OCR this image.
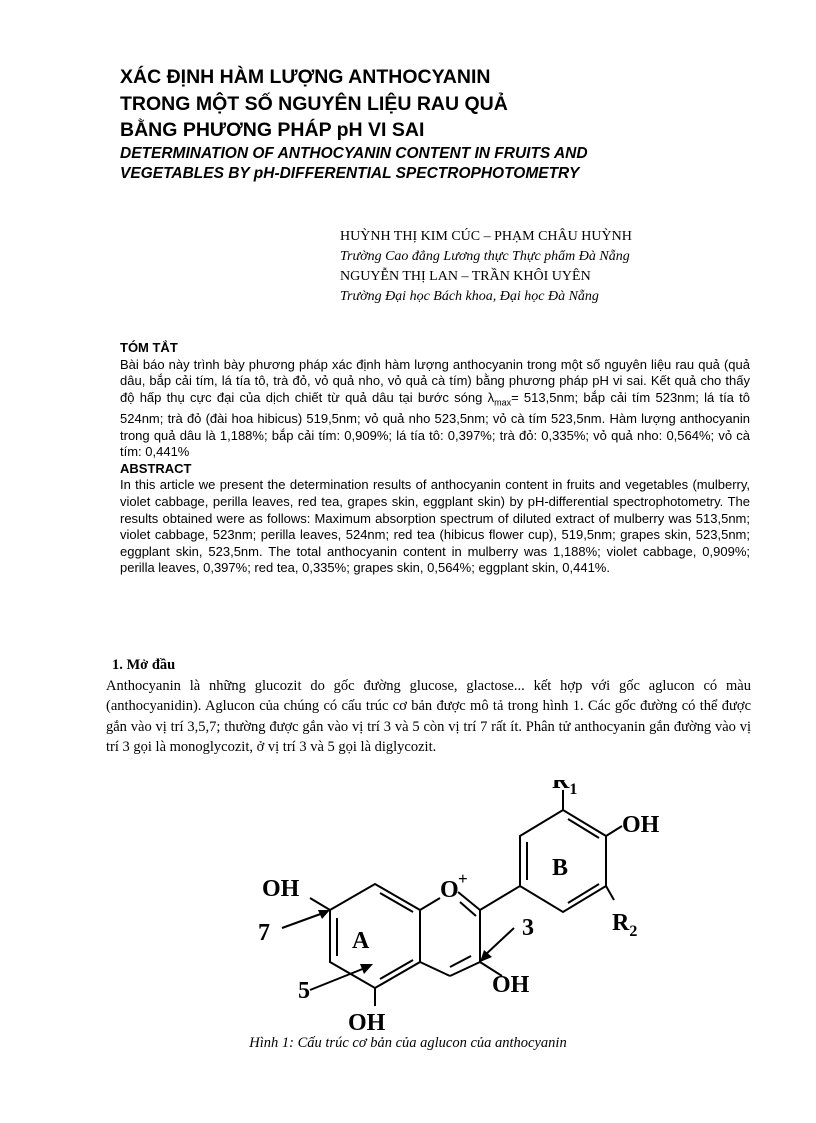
XÁC ĐỊNH HÀM LƯỢNG ANTHOCYANIN

TRONG MỘT SỐ NGUYÊN LIỆU RAU QUẢ

BẰNG PHƯƠNG PHÁP pH VI SAI

DETERMINATION OF ANTHOCYANIN CONTENT IN FRUITS AND

VEGETABLES BY pH-DIFFERENTIAL SPECTROPHOTOMETRY

HUỲNH THỊ KIM CÚC – PHẠM CHÂU HUỲNH
Trường Cao đẳng Lương thực Thực phẩm Đà Nẵng
NGUYỄN THỊ LAN – TRẦN KHÔI UYÊN
Trường Đại học Bách khoa, Đại học Đà Nẵng

TÓM TẮT

Bài báo này trình bày phương pháp xác định hàm lượng anthocyanin trong một số nguyên liệu rau quả (quả dâu, bắp cải tím, lá tía tô, trà đỏ, vỏ quả nho, vỏ quả cà tím) bằng phương pháp pH vi sai. Kết quả cho thấy độ hấp thụ cực đại của dịch chiết từ quả dâu tại bước sóng $\lambda_{max}= 513,5nm$; bắp cải tím 523nm; lá tía tô 524nm; trà đỏ (đài hoa hibicus) 519,5nm; vỏ quả nho 523,5nm; vỏ cà tím 523,5nm. Hàm lượng anthocyanin trong quả dâu là 1,188%; bắp cải tím: 0,909%; lá tía tô: 0,397%; trà đỏ: 0,335%; vỏ quả nho: 0,564%; vỏ cà tím: 0,441%

ABSTRACT

In this article we present the determination results of anthocyanin content in fruits and vegetables (mulberry, violet cabbage, perilla leaves, red tea, grapes skin, eggplant skin) by pH-differential spectrophotometry. The results obtained were as follows: Maximum absorption spectrum of diluted extract of mulberry was 513,5nm; violet cabbage, 523nm; perilla leaves, 524nm; red tea (hibicus flower cup), 519,5nm; grapes skin, 523,5nm; eggplant skin, 523,5nm. The total anthocyanin content in mulberry was 1,188%; violet cabbage, 0,909%; perilla leaves, 0,397%; red tea, 0,335%; grapes skin, 0,564%; eggplant skin, 0,441%.

1. Mở đầu

Anthocyanin là những glucozit do gốc đường glucose, glactose... kết hợp với gốc aglucon có màu (anthocyanidin). Aglucon của chúng có cấu trúc cơ bản được mô tả trong hình 1. Các gốc đường có thể được gắn vào vị trí 3,5,7; thường được gắn vào vị trí 3 và 5 còn vị trí 7 rất ít. Phân tử anthocyanin gắn đường vào vị trí 3 gọi là monoglycozit, ở vị trí 3 và 5 gọi là diglycozit.

O +
A
B
$R_1$
$R_2$
OH
OH
OH
OH
7
5
3
Hình 1: Cấu trúc cơ bản của aglucon của anthocyanin
